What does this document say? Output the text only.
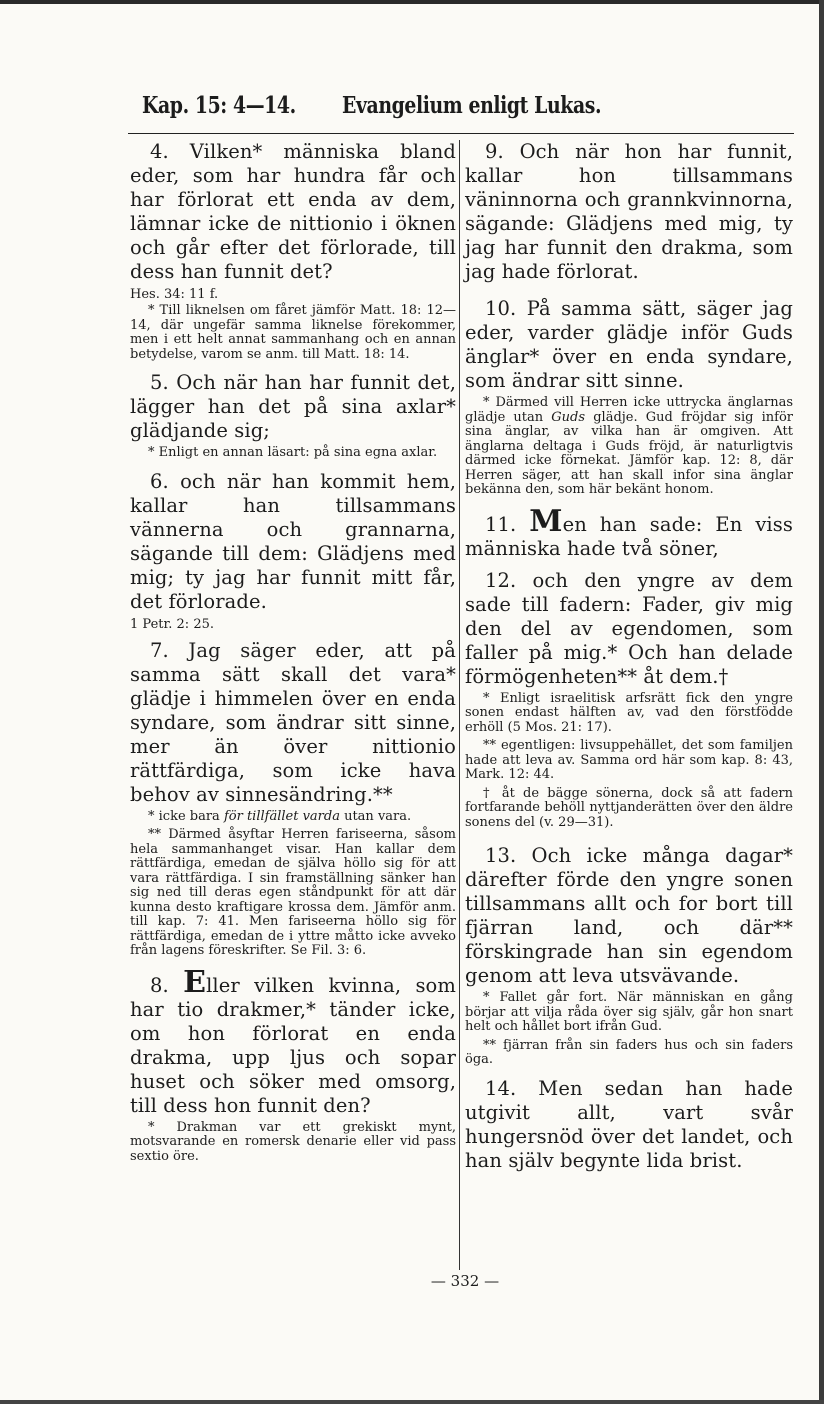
Kap. 15: 4—14. Evangelium enligt Lukas.

4. Vilken* människa bland eder, som har hundra får och har förlorat ett enda av dem, lämnar icke de nittionio i öknen och går efter det förlorade, till dess han funnit det?

Hes. 34: 11 f.

* Till liknelsen om fåret jämför Matt. 18: 12—14, där ungefär samma liknelse förekommer, men i ett helt annat sammanhang och en annan betydelse, varom se anm. till Matt. 18: 14.

5. Och när han har funnit det, lägger han det på sina axlar* glädjande sig;

* Enligt en annan läsart: på sina egna axlar.

6. och när han kommit hem, kallar han tillsammans vännerna och grannarna, sägande till dem: Glädjens med mig; ty jag har funnit mitt får, det förlorade.

1 Petr. 2: 25.

7. Jag säger eder, att på samma sätt skall det vara* glädje i himmelen över en enda syndare, som ändrar sitt sinne, mer än över nittionio rättfärdiga, som icke hava behov av sinnesändring.**

* icke bara för tillfället varda utan vara.

** Därmed åsyftar Herren fariseerna, såsom hela sammanhanget visar. Han kallar dem rättfärdiga, emedan de själva höllo sig för att vara rättfärdiga. I sin framställning sänker han sig ned till deras egen ståndpunkt för att där kunna desto kraftigare krossa dem. Jämför anm. till kap. 7: 41. Men fariseerna höllo sig för rättfärdiga, emedan de i yttre måtto icke avveko från lagens föreskrifter. Se Fil. 3: 6.

8. Eller vilken kvinna, som har tio drakmer,* tänder icke, om hon förlorat en enda drakma, upp ljus och sopar huset och söker med omsorg, till dess hon funnit den?

* Drakman var ett grekiskt mynt, motsvarande en romersk denarie eller vid pass sextio öre.

9. Och när hon har funnit, kallar hon tillsammans väninnorna och grannkvinnorna, sägande: Glädjens med mig, ty jag har funnit den drakma, som jag hade förlorat.

10. På samma sätt, säger jag eder, varder glädje inför Guds änglar* över en enda syndare, som ändrar sitt sinne.

* Därmed vill Herren icke uttrycka änglarnas glädje utan Guds glädje. Gud fröjdar sig inför sina änglar, av vilka han är omgiven. Att änglarna deltaga i Guds fröjd, är naturligtvis därmed icke förnekat. Jämför kap. 12: 8, där Herren säger, att han skall infor sina änglar bekänna den, som här bekänt honom.

11. Men han sade: En viss människa hade två söner,

12. och den yngre av dem sade till fadern: Fader, giv mig den del av egendomen, som faller på mig.* Och han delade förmögenheten** åt dem.†

* Enligt israelitisk arfsrätt fick den yngre sonen endast hälften av, vad den förstfödde erhöll (5 Mos. 21: 17).

** egentligen: livsuppehället, det som familjen hade att leva av. Samma ord här som kap. 8: 43, Mark. 12: 44.

† åt de bägge sönerna, dock så att fadern fortfarande behöll nyttjanderätten över den äldre sonens del (v. 29—31).

13. Och icke många dagar* därefter förde den yngre sonen tillsammans allt och for bort till fjärran land, och där** förskingrade han sin egendom genom att leva utsvävande.

* Fallet går fort. När människan en gång börjar att vilja råda över sig själv, går hon snart helt och hållet bort ifrån Gud.

** fjärran från sin faders hus och sin faders öga.

14. Men sedan han hade utgivit allt, vart svår hungersnöd över det landet, och han själv begynte lida brist.

— 332 —
